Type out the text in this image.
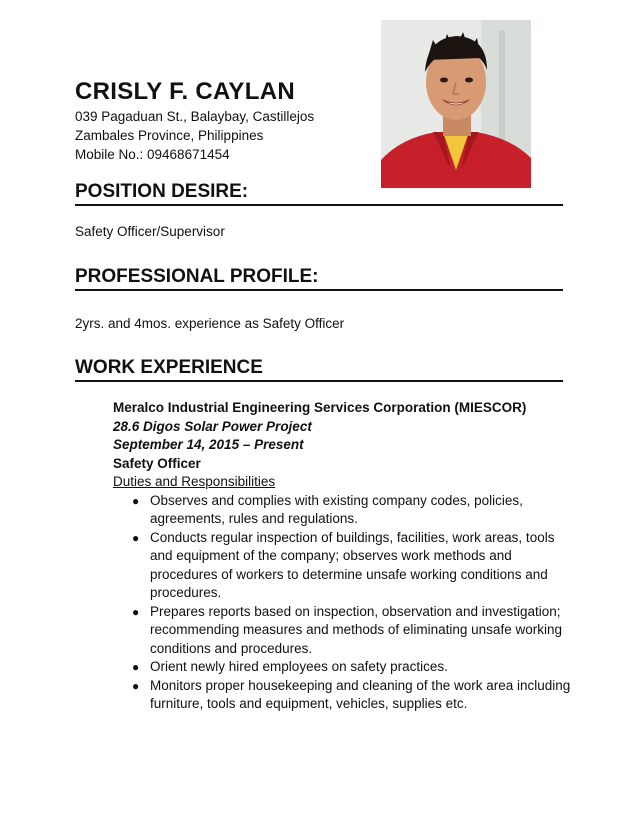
CRISLY F. CAYLAN
039 Pagaduan St., Balaybay, Castillejos
Zambales Province, Philippines
Mobile No.: 09468671454
POSITION DESIRE:
Safety Officer/Supervisor
PROFESSIONAL PROFILE:
2yrs. and 4mos. experience as Safety Officer
WORK EXPERIENCE
Meralco Industrial Engineering Services Corporation (MIESCOR)
28.6 Digos Solar Power Project
September 14, 2015 – Present
Safety Officer
Duties and Responsibilities
● Observes and complies with existing company codes, policies, agreements, rules and regulations.
● Conducts regular inspection of buildings, facilities, work areas, tools and equipment of the company; observes work methods and procedures of workers to determine unsafe working conditions and procedures.
● Prepares reports based on inspection, observation and investigation; recommending measures and methods of eliminating unsafe working conditions and procedures.
● Orient newly hired employees on safety practices.
● Monitors proper housekeeping and cleaning of the work area including furniture, tools and equipment, vehicles, supplies etc.
